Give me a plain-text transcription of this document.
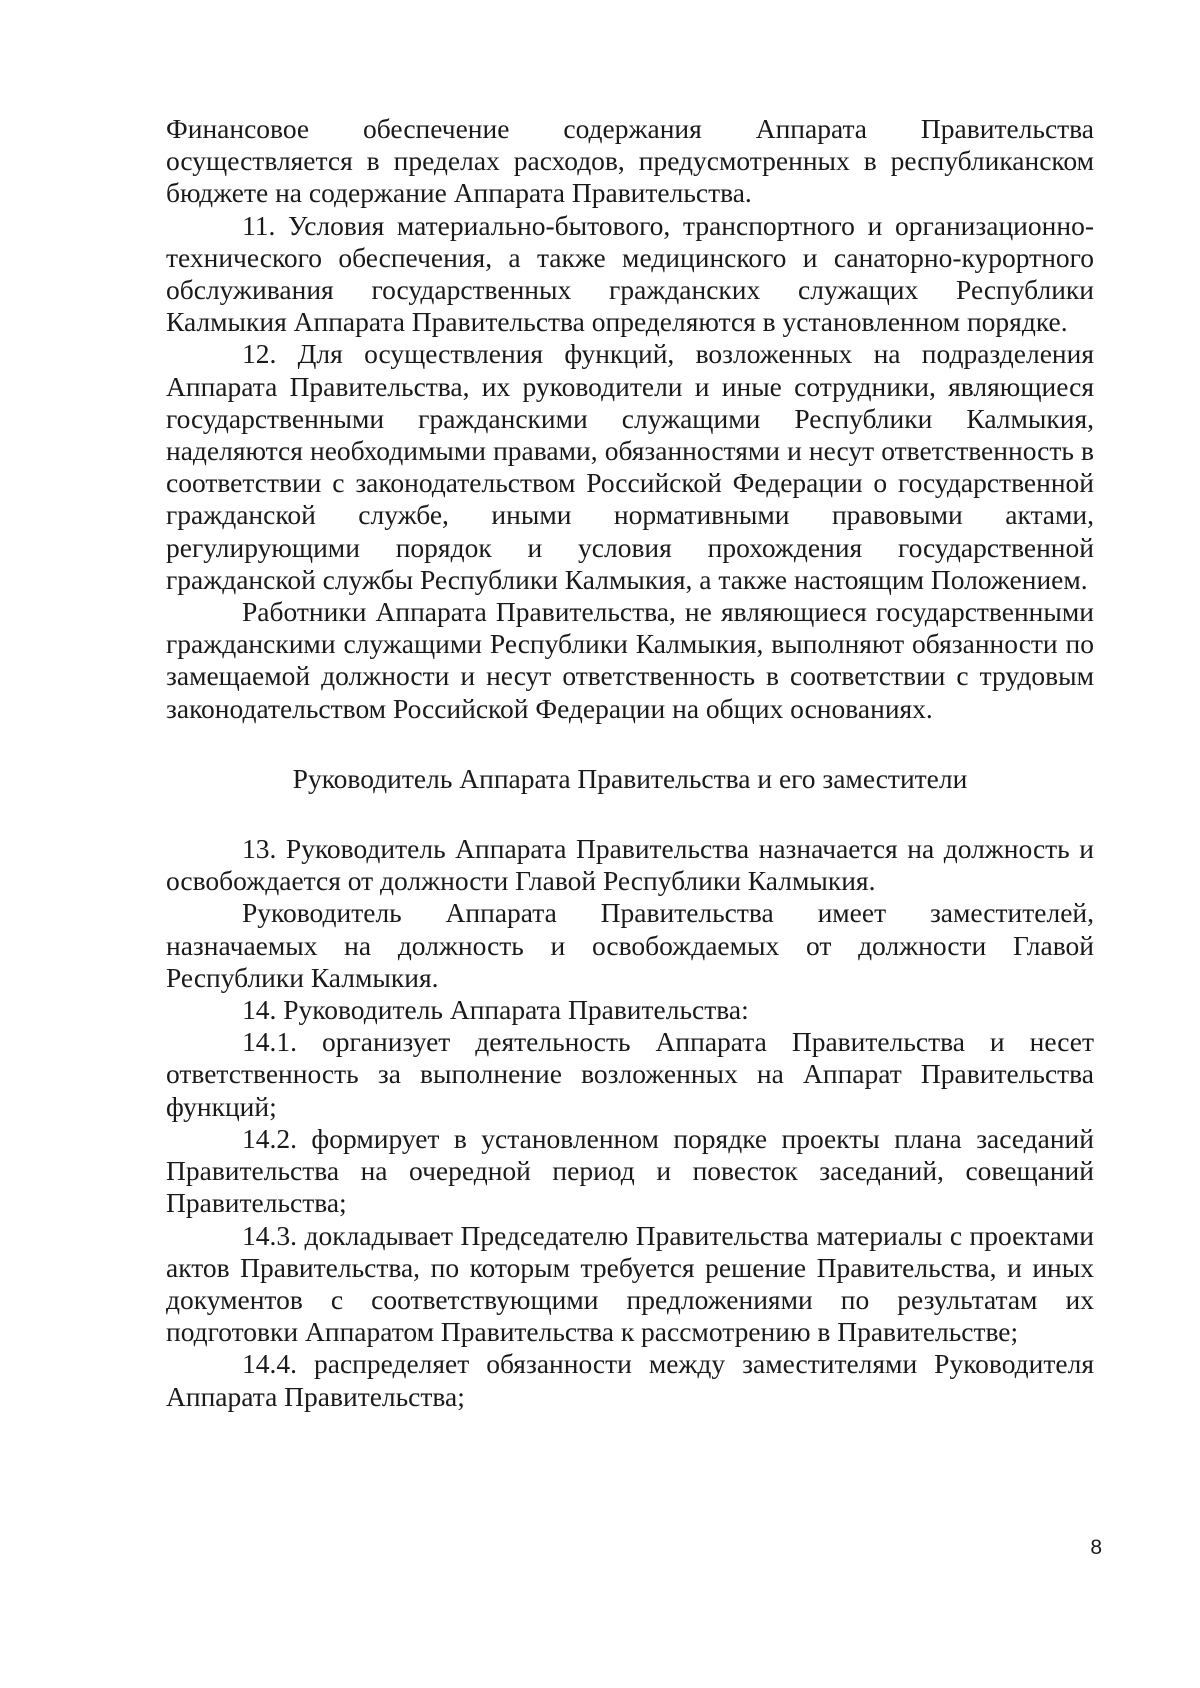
Финансовое обеспечение содержания Аппарата Правительства осуществляется в пределах расходов, предусмотренных в республиканском бюджете на содержание Аппарата Правительства.

11. Условия материально-бытового, транспортного и организационно-технического обеспечения, а также медицинского и санаторно-курортного обслуживания государственных гражданских служащих Республики Калмыкия Аппарата Правительства определяются в установленном порядке.

12. Для осуществления функций, возложенных на подразделения Аппарата Правительства, их руководители и иные сотрудники, являющиеся государственными гражданскими служащими Республики Калмыкия, наделяются необходимыми правами, обязанностями и несут ответственность в соответствии с законодательством Российской Федерации о государственной гражданской службе, иными нормативными правовыми актами, регулирующими порядок и условия прохождения государственной гражданской службы Республики Калмыкия, а также настоящим Положением.

Работники Аппарата Правительства, не являющиеся государственными гражданскими служащими Республики Калмыкия, выполняют обязанности по замещаемой должности и несут ответственность в соответствии с трудовым законодательством Российской Федерации на общих основаниях.

Руководитель Аппарата Правительства и его заместители

13. Руководитель Аппарата Правительства назначается на должность и освобождается от должности Главой Республики Калмыкия.

Руководитель Аппарата Правительства имеет заместителей, назначаемых на должность и освобождаемых от должности Главой Республики Калмыкия.

14. Руководитель Аппарата Правительства:

14.1. организует деятельность Аппарата Правительства и несет ответственность за выполнение возложенных на Аппарат Правительства функций;

14.2. формирует в установленном порядке проекты плана заседаний Правительства на очередной период и повесток заседаний, совещаний Правительства;

14.3. докладывает Председателю Правительства материалы с проектами актов Правительства, по которым требуется решение Правительства, и иных документов с соответствующими предложениями по результатам их подготовки Аппаратом Правительства к рассмотрению в Правительстве;

14.4. распределяет обязанности между заместителями Руководителя Аппарата Правительства;

8
